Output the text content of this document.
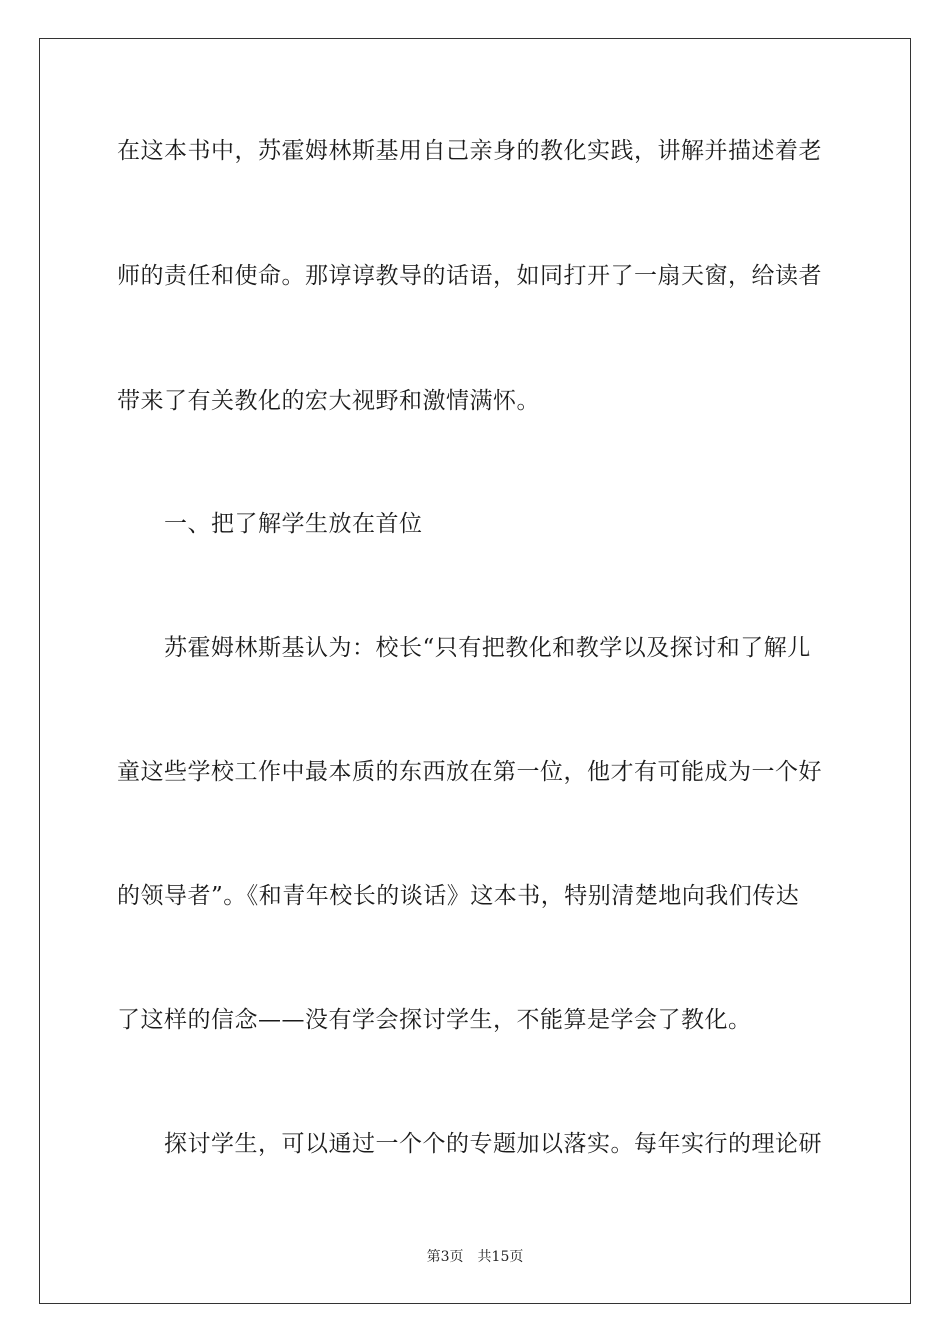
在这本书中，苏霍姆林斯基用自己亲身的教化实践，讲解并描述着老
师的责任和使命。那谆谆教导的话语，如同打开了一扇天窗，给读者
带来了有关教化的宏大视野和激情满怀。
一、把了解学生放在首位
苏霍姆林斯基认为：校长“只有把教化和教学以及探讨和了解儿
童这些学校工作中最本质的东西放在第一位，他才有可能成为一个好
的领导者”。《和青年校长的谈话》这本书，特别清楚地向我们传达
了这样的信念——没有学会探讨学生，不能算是学会了教化。
探讨学生，可以通过一个个的专题加以落实。每年实行的理论研
第3页 共15页
